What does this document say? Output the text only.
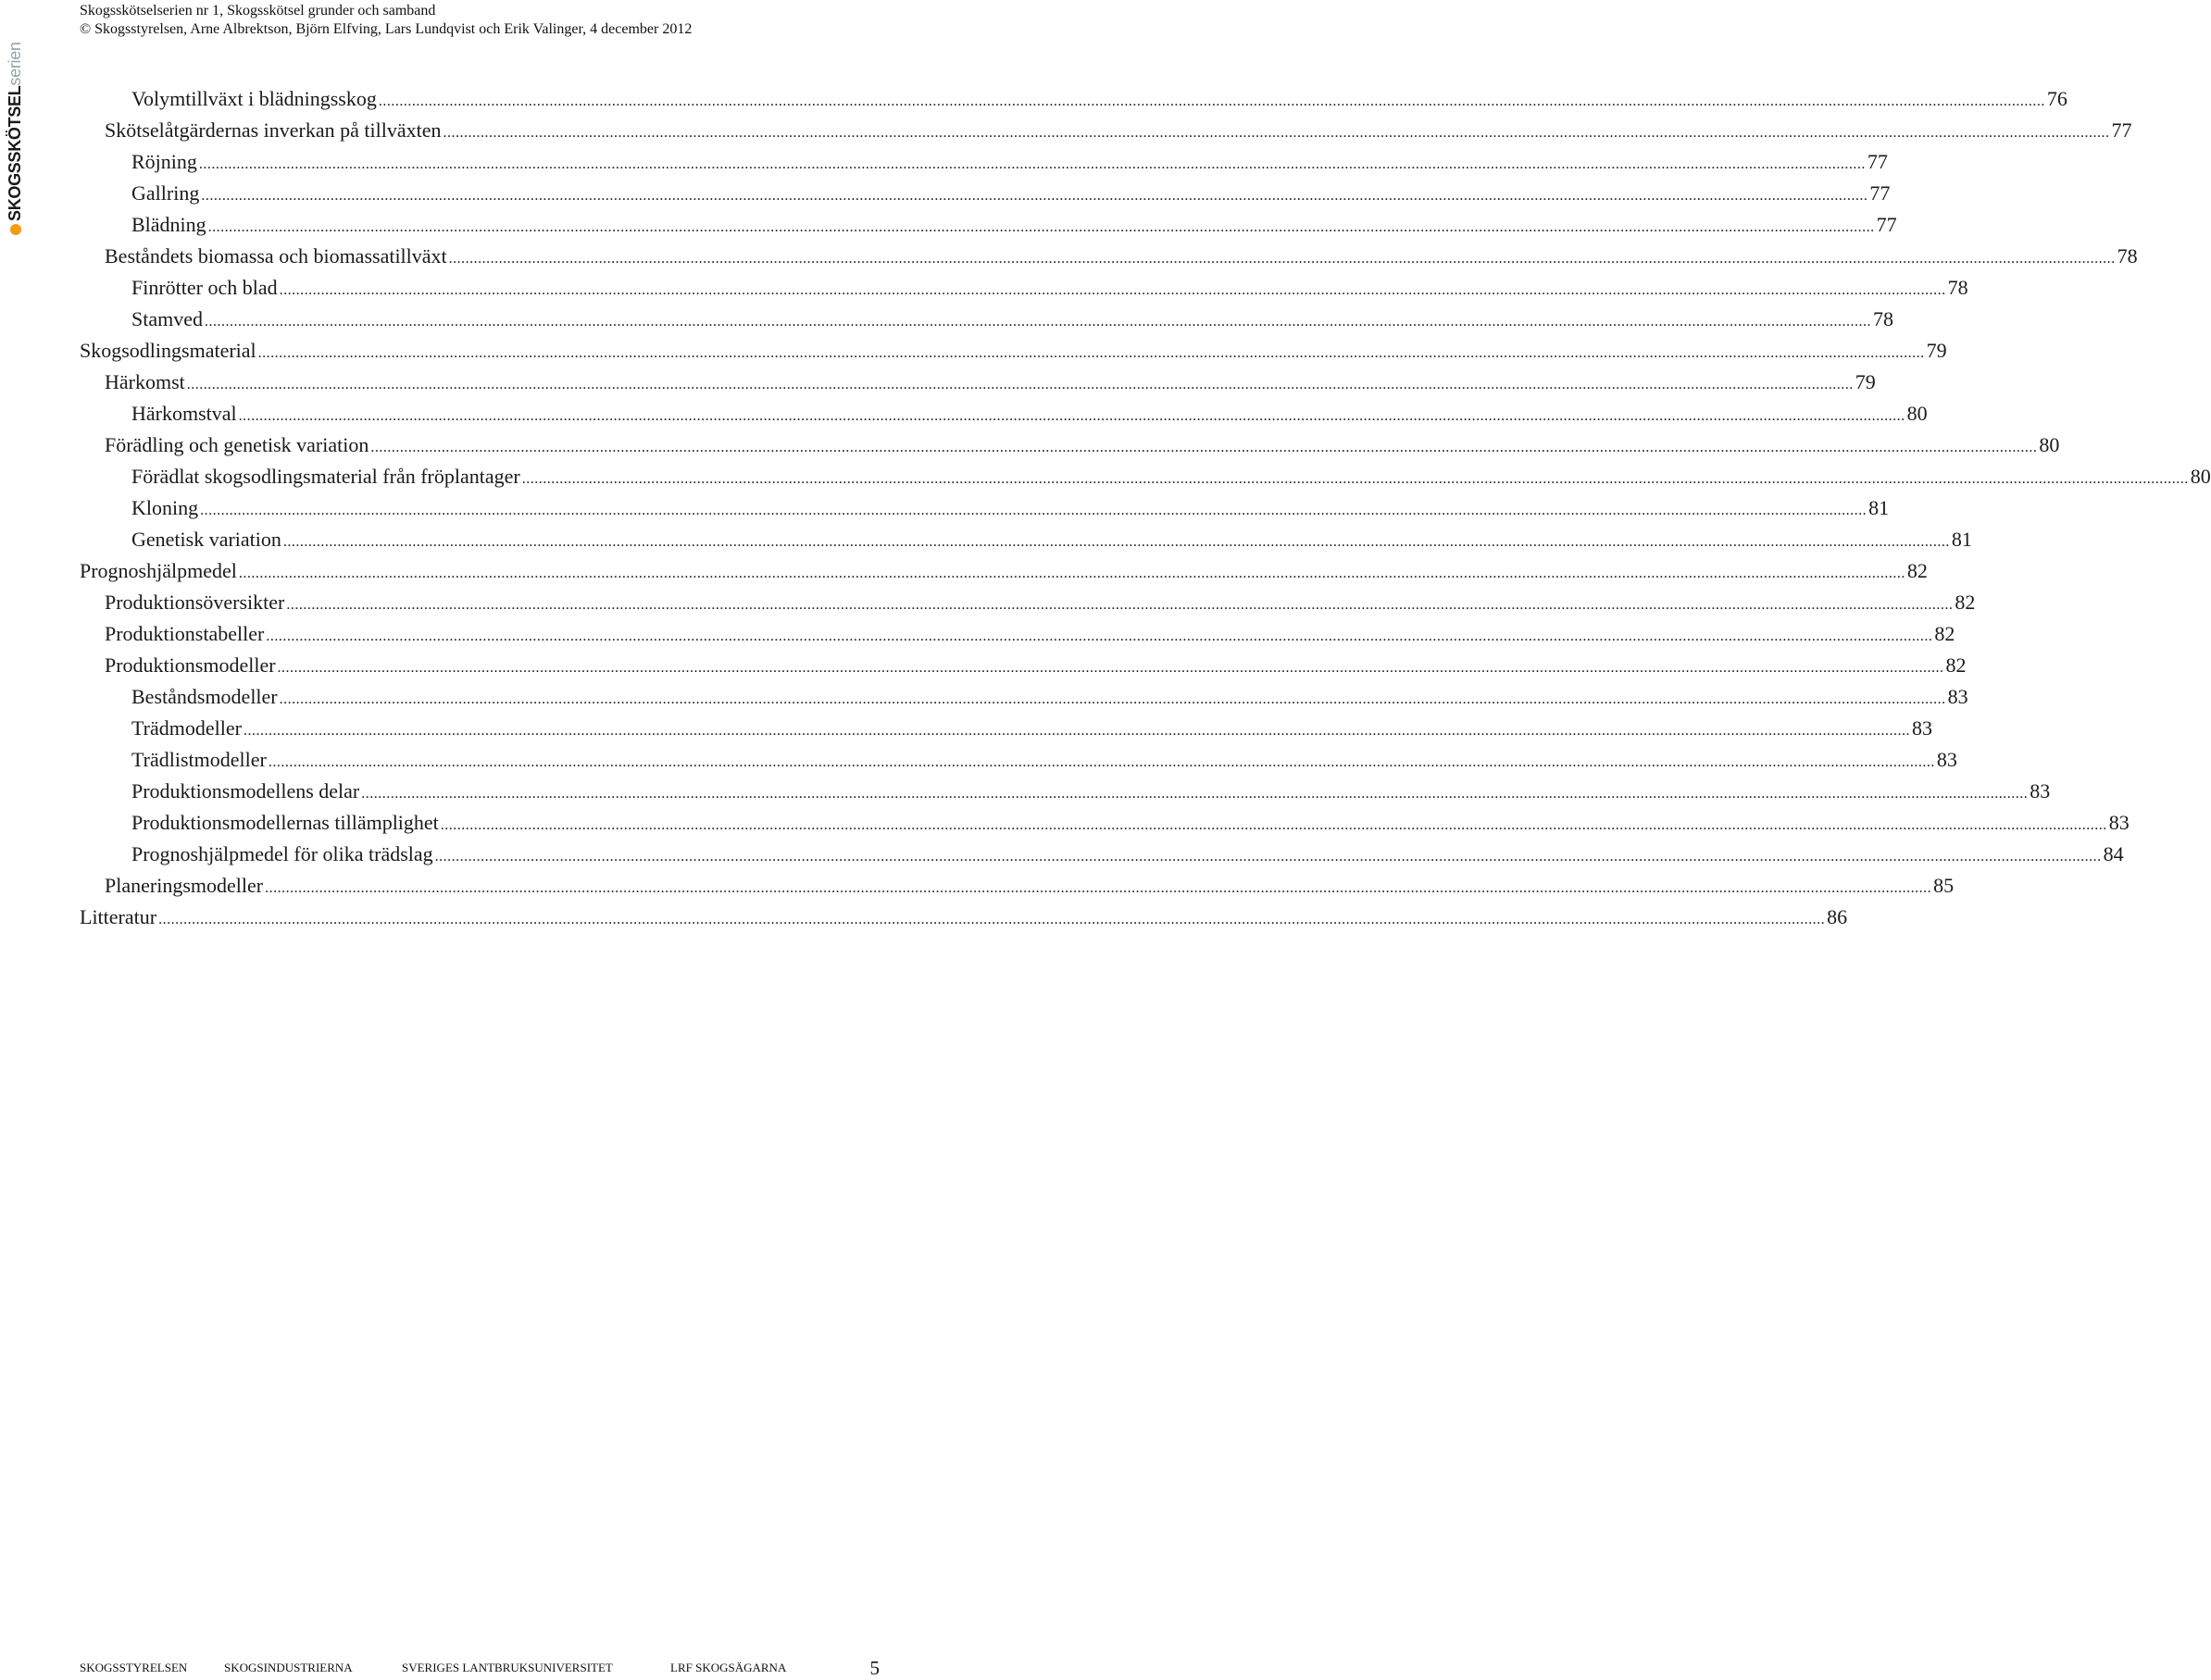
Skogsskötselserien nr 1, Skogsskötsel grunder och samband
© Skogsstyrelsen, Arne Albrektson, Björn Elfving, Lars Lundqvist och Erik Valinger, 4 december 2012
SKOGSSKÖTSELserien
Volymtillväxt i blädningsskog ................................................................................................................................................................................................................................................................................................................................................................................................................ 76
Skötselåtgärdernas inverkan på tillväxten ................................................................................................................................................................................................................................................................................................................................................................................................................ 77
Röjning ................................................................................................................................................................................................................................................................................................................................................................................................................ 77
Gallring ................................................................................................................................................................................................................................................................................................................................................................................................................ 77
Blädning ................................................................................................................................................................................................................................................................................................................................................................................................................ 77
Beståndets biomassa och biomassatillväxt ................................................................................................................................................................................................................................................................................................................................................................................................................ 78
Finrötter och blad ................................................................................................................................................................................................................................................................................................................................................................................................................ 78
Stamved ................................................................................................................................................................................................................................................................................................................................................................................................................ 78
Skogsodlingsmaterial ................................................................................................................................................................................................................................................................................................................................................................................................................ 79
Härkomst ................................................................................................................................................................................................................................................................................................................................................................................................................ 79
Härkomstval ................................................................................................................................................................................................................................................................................................................................................................................................................ 80
Förädling och genetisk variation ................................................................................................................................................................................................................................................................................................................................................................................................................ 80
Förädlat skogsodlingsmaterial från fröplantager ................................................................................................................................................................................................................................................................................................................................................................................................................ 80
Kloning ................................................................................................................................................................................................................................................................................................................................................................................................................ 81
Genetisk variation ................................................................................................................................................................................................................................................................................................................................................................................................................ 81
Prognoshjälpmedel ................................................................................................................................................................................................................................................................................................................................................................................................................ 82
Produktionsöversikter ................................................................................................................................................................................................................................................................................................................................................................................................................ 82
Produktionstabeller ................................................................................................................................................................................................................................................................................................................................................................................................................ 82
Produktionsmodeller ................................................................................................................................................................................................................................................................................................................................................................................................................ 82
Beståndsmodeller ................................................................................................................................................................................................................................................................................................................................................................................................................ 83
Trädmodeller ................................................................................................................................................................................................................................................................................................................................................................................................................ 83
Trädlistmodeller ................................................................................................................................................................................................................................................................................................................................................................................................................ 83
Produktionsmodellens delar ................................................................................................................................................................................................................................................................................................................................................................................................................ 83
Produktionsmodellernas tillämplighet ................................................................................................................................................................................................................................................................................................................................................................................................................ 83
Prognoshjälpmedel för olika trädslag ................................................................................................................................................................................................................................................................................................................................................................................................................ 84
Planeringsmodeller ................................................................................................................................................................................................................................................................................................................................................................................................................ 85
Litteratur ................................................................................................................................................................................................................................................................................................................................................................................................................ 86
SKOGSSTYRELSEN	SKOGSINDUSTRIERNA	SVERIGES LANTBRUKSUNIVERSITET	LRF SKOGSÄGARNA	5
